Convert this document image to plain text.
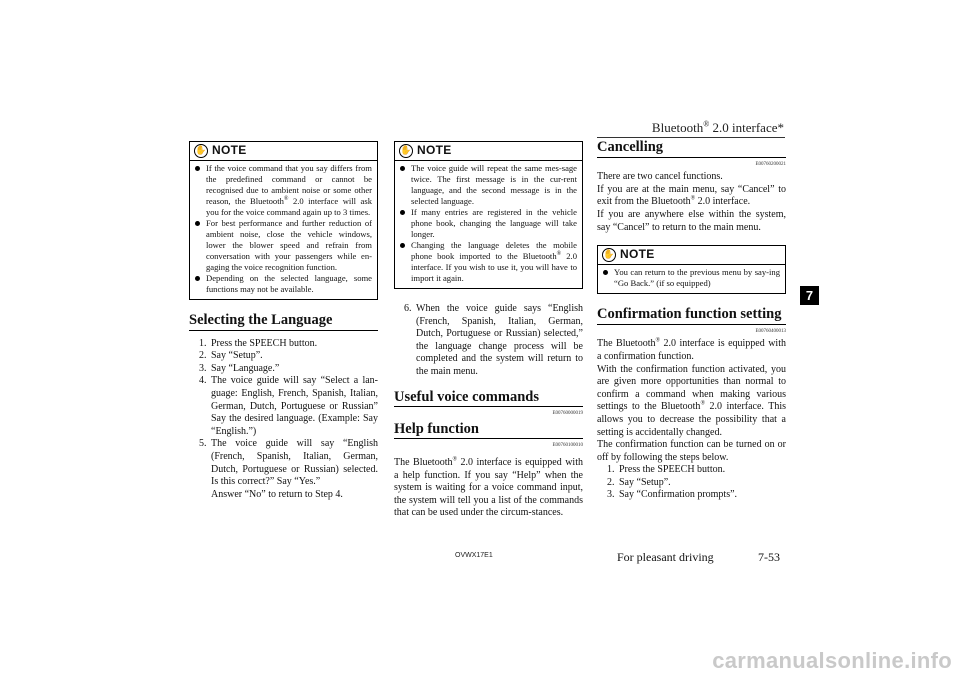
Bluetooth® 2.0 interface*
7
✋ NOTE
If the voice command that you say differs from the predefined command or cannot be recognised due to ambient noise or some other reason, the Bluetooth® 2.0 interface will ask you for the voice command again up to 3 times.
For best performance and further reduction of ambient noise, close the vehicle windows, lower the blower speed and refrain from conversation with your passengers while en-gaging the voice recognition function.
Depending on the selected language, some functions may not be available.
Selecting the Language
1. Press the SPEECH button.
2. Say “Setup”.
3. Say “Language.”
4. The voice guide will say “Select a lan-guage: English, French, Spanish, Italian, German, Dutch, Portuguese or Russian” Say the desired language. (Example: Say “English.”)
5. The voice guide will say “English (French, Spanish, Italian, German, Dutch, Portuguese or Russian) selected. Is this correct?” Say “Yes.”
Answer “No” to return to Step 4.
✋ NOTE
The voice guide will repeat the same mes-sage twice. The first message is in the cur-rent language, and the second message is in the selected language.
If many entries are registered in the vehicle phone book, changing the language will take longer.
Changing the language deletes the mobile phone book imported to the Bluetooth® 2.0 interface. If you wish to use it, you will have to import it again.
6. When the voice guide says “English (French, Spanish, Italian, German, Dutch, Portuguese or Russian) selected,” the language change process will be completed and the system will return to the main menu.
Useful voice commands
E00760000019
Help function
E00760100010
The Bluetooth® 2.0 interface is equipped with a help function. If you say “Help” when the system is waiting for a voice command input, the system will tell you a list of the commands that can be used under the circum-stances.
Cancelling
E00760200021
There are two cancel functions.
If you are at the main menu, say “Cancel” to exit from the Bluetooth® 2.0 interface.
If you are anywhere else within the system, say “Cancel” to return to the main menu.
✋ NOTE
You can return to the previous menu by say-ing “Go Back.” (if so equipped)
Confirmation function setting
E00760400013
The Bluetooth® 2.0 interface is equipped with a confirmation function.
With the confirmation function activated, you are given more opportunities than normal to confirm a command when making various settings to the Bluetooth® 2.0 interface. This allows you to decrease the possibility that a setting is accidentally changed.
The confirmation function can be turned on or off by following the steps below.
1. Press the SPEECH button.
2. Say “Setup”.
3. Say “Confirmation prompts”.
OVWX17E1	For pleasant driving	7-53
carmanualsonline.info
